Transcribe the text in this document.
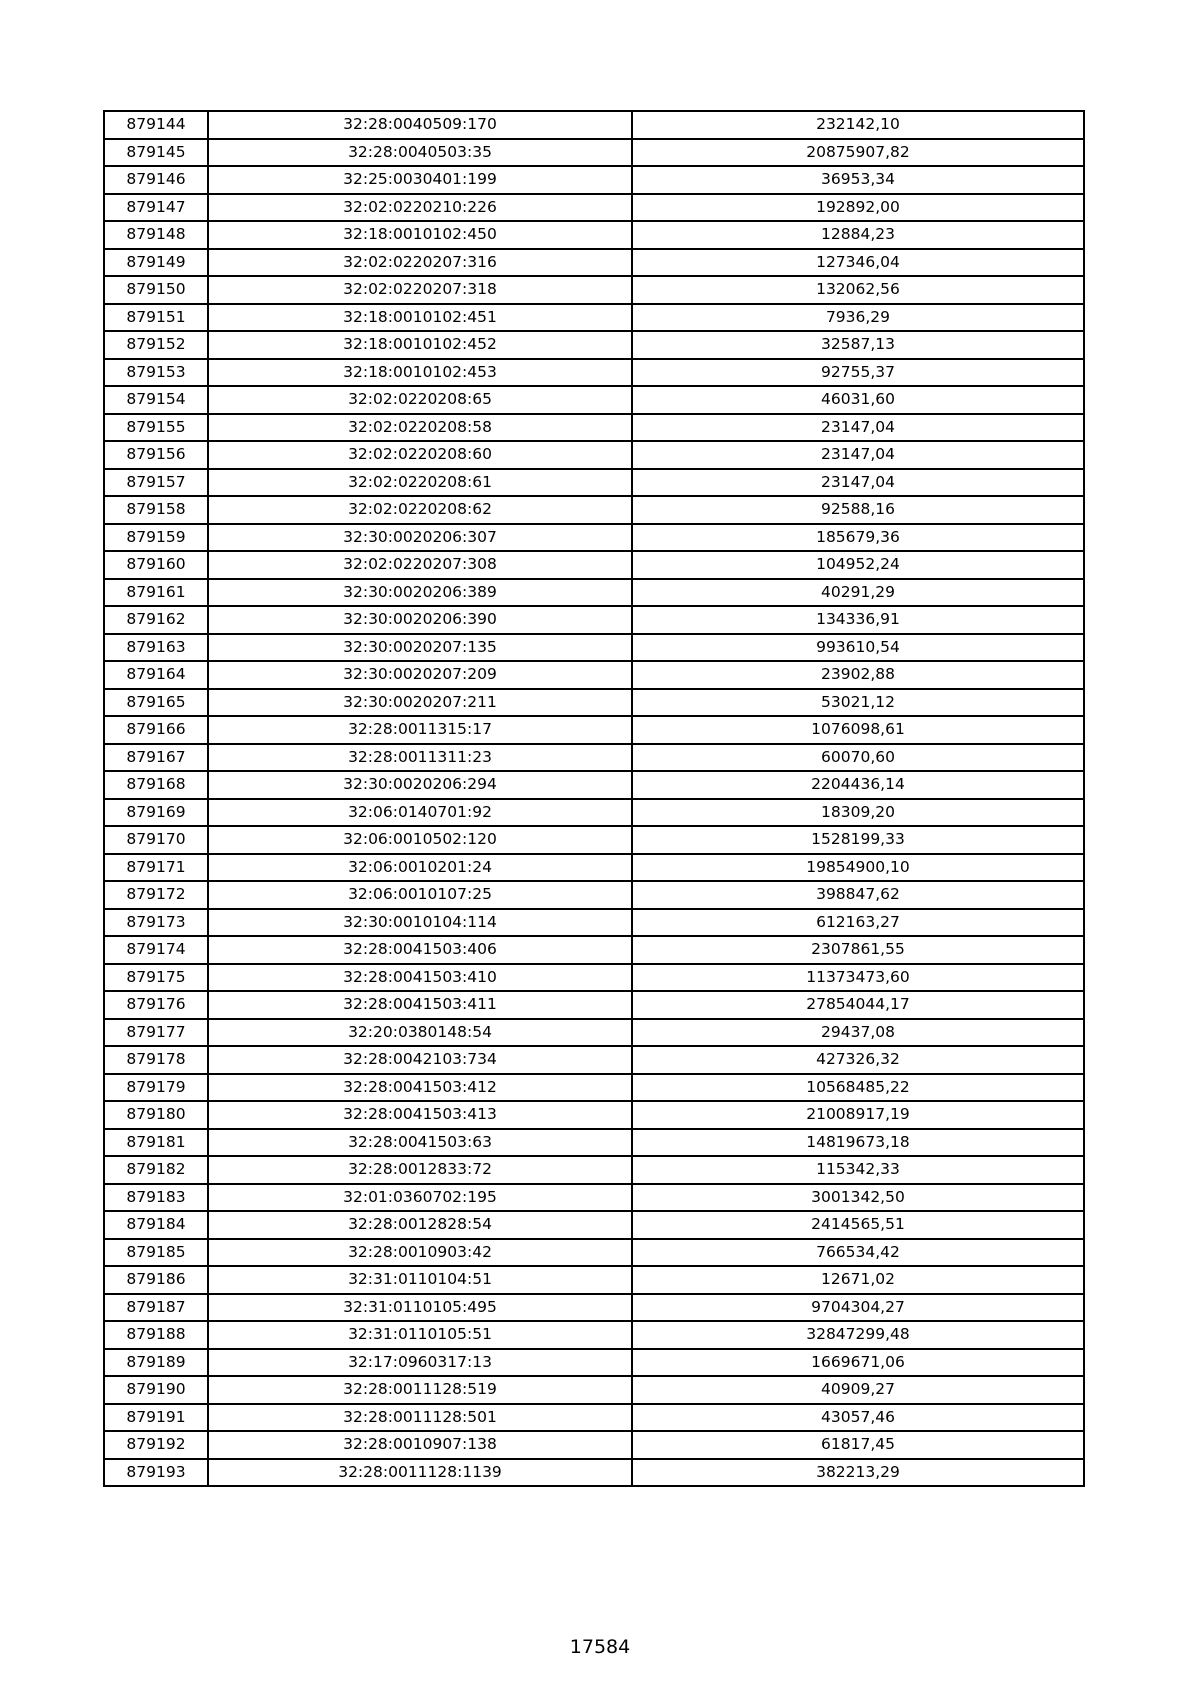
879144	32:28:0040509:170	232142,10
879145	32:28:0040503:35	20875907,82
879146	32:25:0030401:199	36953,34
879147	32:02:0220210:226	192892,00
879148	32:18:0010102:450	12884,23
879149	32:02:0220207:316	127346,04
879150	32:02:0220207:318	132062,56
879151	32:18:0010102:451	7936,29
879152	32:18:0010102:452	32587,13
879153	32:18:0010102:453	92755,37
879154	32:02:0220208:65	46031,60
879155	32:02:0220208:58	23147,04
879156	32:02:0220208:60	23147,04
879157	32:02:0220208:61	23147,04
879158	32:02:0220208:62	92588,16
879159	32:30:0020206:307	185679,36
879160	32:02:0220207:308	104952,24
879161	32:30:0020206:389	40291,29
879162	32:30:0020206:390	134336,91
879163	32:30:0020207:135	993610,54
879164	32:30:0020207:209	23902,88
879165	32:30:0020207:211	53021,12
879166	32:28:0011315:17	1076098,61
879167	32:28:0011311:23	60070,60
879168	32:30:0020206:294	2204436,14
879169	32:06:0140701:92	18309,20
879170	32:06:0010502:120	1528199,33
879171	32:06:0010201:24	19854900,10
879172	32:06:0010107:25	398847,62
879173	32:30:0010104:114	612163,27
879174	32:28:0041503:406	2307861,55
879175	32:28:0041503:410	11373473,60
879176	32:28:0041503:411	27854044,17
879177	32:20:0380148:54	29437,08
879178	32:28:0042103:734	427326,32
879179	32:28:0041503:412	10568485,22
879180	32:28:0041503:413	21008917,19
879181	32:28:0041503:63	14819673,18
879182	32:28:0012833:72	115342,33
879183	32:01:0360702:195	3001342,50
879184	32:28:0012828:54	2414565,51
879185	32:28:0010903:42	766534,42
879186	32:31:0110104:51	12671,02
879187	32:31:0110105:495	9704304,27
879188	32:31:0110105:51	32847299,48
879189	32:17:0960317:13	1669671,06
879190	32:28:0011128:519	40909,27
879191	32:28:0011128:501	43057,46
879192	32:28:0010907:138	61817,45
879193	32:28:0011128:1139	382213,29
17584
